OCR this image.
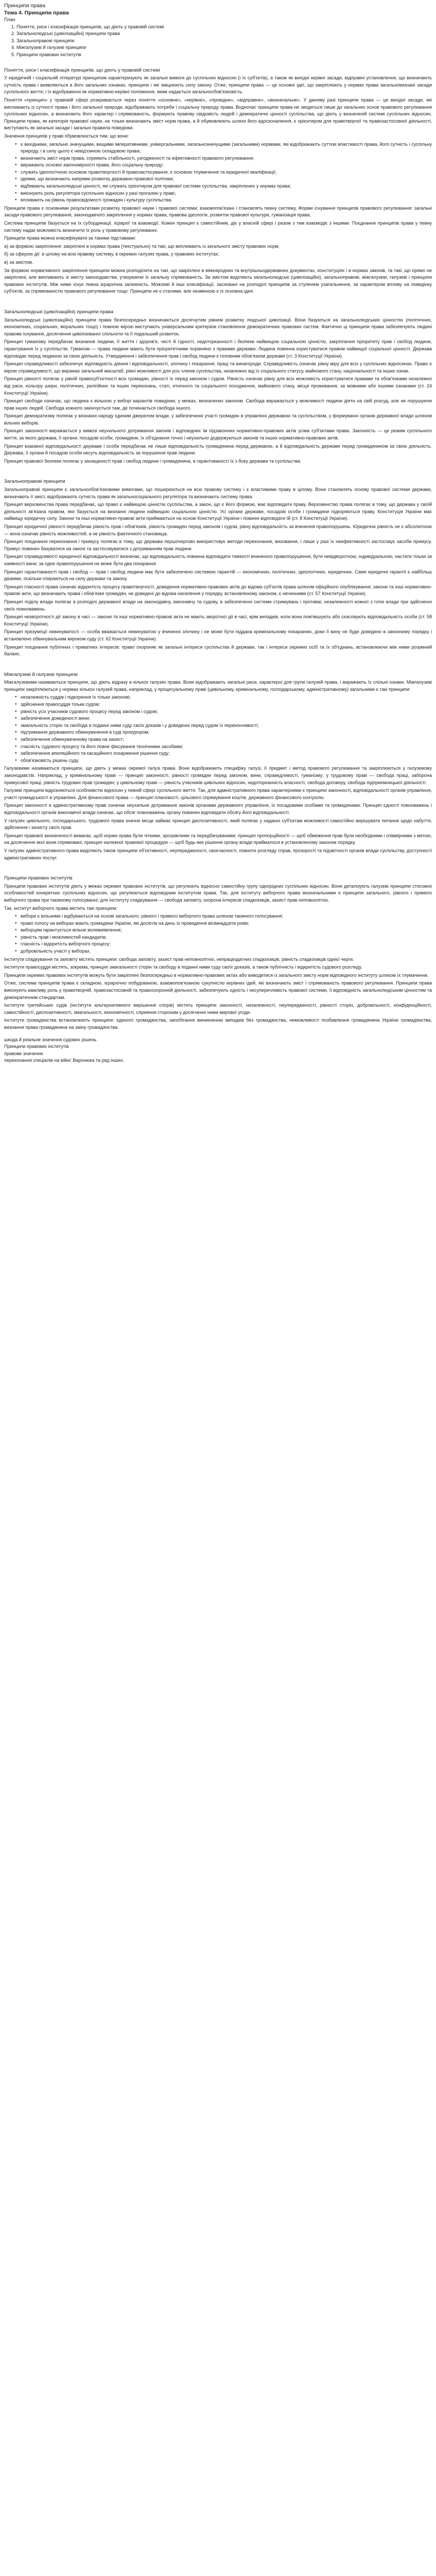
Принципи права
Тема 4. Принципи права
План
1. Поняття, риси і класифікація принципів, що діють у правовій системі
2. Загальнолюдські (цивілізаційні) принципи права
3. Загальноправові принципи
4. Міжгалузеві й галузеві принципи
5. Принципи правових інститутів
Поняття, риси і класифікація принципів, що діють у правовій системі

У юридичній і соціальній літературі принципом характеризують як загальні вимоги до суспільних відносин (і їх суб'єктів), а також як вихідні керівні засади, відправні установлення, що визначають сутність права і виявляються в його загальних ознаках, принципи і які зміцнюють силу закону. Отже, принципи права — це основні ідеї, що закріплюють у нормах права загальновизнані засади суспільного життя, і їх відображенні як нормативно-керівні положення, яким надається загальнообов'язковість.

Поняття «принцип» у правовій сфері розкривається через поняття «основне», «керівне», «провідне», «відправне», «визначальне». У даному разі принципи права — це вихідні засади, які випливають із сутності права і його загальної природи, відображають потреби і соціальну природу права. Водночас принципи права не зводяться лише до загальних основ правового регулювання суспільних відносин, а визначають його характер і спрямованість, формують правову свідомість людей і демократичні цінності суспільства, що діють у визначеній системі суспільних відносин. Принципи права, як категорія правової науки, не тільки визначають зміст норм права, а й обумовлюють шляхи його вдосконалення, є орієнтиром для правотворчої та правозастосовної діяльності, виступають як загальні засади і загальні правила поведінки.

Значення принципів у праві обумовлюється тим, що вони:

● є вихідними, загально значущими, вищими імперативними, універсальними, загальнозначущими (загальними) нормами, які відображають суттєві властивості права, його сутність і суспільну природу, і в силу цього є невід'ємною складовою права;
● визначають зміст норм права, сприяють стабільності, узгодженості та ефективності правового регулювання;
● виражають основні закономірності права, його соціальну природу;
● служать ідеологічною основою правотворчості й правозастосування, є основою тлумачення та юридичної кваліфікації;
● ідеями, що визначають напрями розвитку державно-правової політики;
● відбивають загальнолюдські цінності, які служать орієнтиром для правової системи суспільства, закріплених у нормах права;
● виконують роль регулятора суспільних відносин у разі прогалин у праві;
● впливають на рівень правосвідомості громадян і культуру суспільства.

Принципи права є основними результатами розвитку правової науки і правової системи; взаємопов'язані і становлять певну систему. Форми існування принципів правового регулювання: загальні засади правового регулювання, законодавчого закріплення у нормах права, правова ідеологія, розвиток правової культури, гуманізація права.

Система принципів базується на їх субординації, ієрархії та взаємодії. Кожен принцип є самостійним, діє у власній сфері і разом з тим взаємодіє з іншими. Поєднання принципів права у певну систему надає можливість визначити їх роль у правовому регулюванні.

Принципи права можна класифікувати за такими підставами:

а) за формою закріплення: закріплені в нормах права (текстуально) та такі, що випливають із загального змісту правових норм;

б) за сферою дії: в цілому на всю правову систему, в окремих галузях права, у правових інститутах;

в) за змістом.

За формою нормативного закріплення принципи можна розподілити на такі, що закріплені в міжнародних та внутрішньодержавних документах, конституціях і в нормах законів, та такі, що прямо не закріплені, але випливають зі змісту законодавства, утворюючи їх загальну спрямованість. За змістом виділяють загальнолюдські (цивілізаційні), загальноправові, міжгалузеві, галузеві і принципи правових інститутів. Між ними існує певна ієрархічна залежність. Можливі й інші класифікації, засновані на розподілі принципів за ступенем узагальнення, за характером впливу на поведінку суб'єктів, за спрямованістю правового регулювання тощо. Принципи не є сталими, але незмінною є їх основна ідея.

Загальнолюдські (цивілізаційні) принципи права

Загальнолюдські (цивілізаційні) принципи права безпосередньо визначаються досягнутим рівнем розвитку людської цивілізації. Вони базуються на загальнолюдських цінностях (політичних, економічних, соціальних, моральних тощо) і повною мірою виступають універсальним критерієм становлення демократичних правових систем. Фактично ці принципи права забезпечують людині правове існування, досягнення цивілізованої спільноти та її подальший розвиток.

Принцип гуманізму передбачає визнання людини, її життя і здоров'я, честі й гідності, недоторканності і безпеки найвищою соціальною цінністю, закріплення пріоритету прав і свобод людини, гарантування їх у суспільстві. Гуманізм — права людини мають бути пріоритетними порівняно з правами держави. Людина повинна користуватися правом найвищої соціальної цінності. Держава відповідає перед людиною за свою діяльність. Утвердження і забезпечення прав і свобод людини є головним обов'язком держави (ст. 3 Конституції України).

Принцип справедливості забезпечує відповідність діяння і відповідальності, злочину і покарання, праці та винагороди. Справедливість означає рівну міру для всіх у суспільних відносинах. Право є мірою справедливості, що виражає загальний масштаб, рівні можливості для усіх членів суспільства, незалежно від їх соціального статусу, майнового стану, національності та інших ознак.

Принцип рівності полягає у рівній правосуб'єктності всіх громадян, рівності їх перед законом і судом. Рівність означає рівну для всіх можливість користуватися правами та обов'язками незалежно від раси, кольору шкіри, політичних, релігійних та інших переконань, статі, етнічного та соціального походження, майнового стану, місця проживання, за мовними або іншими ознаками (ст. 24 Конституції України).

Принцип свободи означає, що людина є вільною у виборі варіантів поведінки, у межах, визначених законом. Свобода виражається у можливості людини діяти на свій розсуд, але не порушуючи прав інших людей. Свобода кожного закінчується там, де починається свобода іншого.

Принцип демократизму полягає у визнанні народу єдиним джерелом влади, у забезпеченні участі громадян в управлінні державою та суспільством, у формуванні органів державної влади шляхом вільних виборів.

Принцип законності виражається у вимозі неухильного дотримання законів і відповідних їм підзаконних нормативно-правових актів усіма суб'єктами права. Законність — це режим суспільного життя, за якого держава, її органи, посадові особи, громадяни, їх об'єднання точно і неухильно додержуються законів та інших нормативно-правових актів.

Принцип взаємної відповідальності держави і особи передбачає не лише відповідальність громадянина перед державою, а й відповідальність держави перед громадянином за свою діяльність. Держава, її органи й посадові особи несуть відповідальність за порушення прав людини.

Принцип правової безпеки полягає у захищеності прав і свобод людини і громадянина, в гарантованості їх з боку держави та суспільства.

Загальноправові принципи

Загальноправові принципи є загальнообов'язковими вимогами, що поширюються на всю правову систему і є властивими праву в цілому. Вони становлять основу правової системи держави, визначають її зміст, відображають сутність права як загальносоціального регулятора та визначають систему права.

Принцип верховенства права передбачає, що право є найвищою цінністю суспільства, а закон, що є його формою, має відповідати праву. Верховенство права полягає в тому, що держава у своїй діяльності зв'язана правом, яке базується на визнанні людини найвищою соціальною цінністю. Усі органи держави, посадові особи і громадяни підкоряються праву. Конституція України має найвищу юридичну силу. Закони та інші нормативно-правові акти приймаються на основі Конституції України і повинні відповідати їй (ст. 8 Конституції України).

Принцип юридичної рівності передбачає рівність прав і обов'язків, рівність громадян перед законом і судом, рівну відповідальність за вчинення правопорушень. Юридична рівність не є абсолютною — вона означає рівність можливостей, а не рівність фактичного становища.

Принцип поєднання переконання і примусу полягає в тому, що держава першочергово використовує методи переконання, виховання, і лише у разі їх неефективності застосовує засоби примусу. Примус повинен базуватися на законі та застосовуватися з дотриманням прав людини.

Принцип справедливості юридичної відповідальності визначає, що відповідальність повинна відповідати тяжкості вчиненого правопорушення, бути невідворотною, індивідуальною, настати тільки за наявності вини; за одне правопорушення не може бути два покарання.

Принцип гарантованості прав і свобод — прав і свобод людини має бути забезпечено системою гарантій — економічних, політичних, ідеологічних, юридичних. Саме юридичні гарантії є найбільш дієвими, оскільки спираються на силу держави та закону.

Принцип гласності права означає відкритість процесу правотворчості, доведення нормативно-правових актів до відома суб'єктів права шляхом офіційного опублікування; закони та інші нормативно-правові акти, що визначають права і обов'язки громадян, не доведені до відома населення у порядку, встановленому законом, є нечинними (ст. 57 Конституції України).

Принцип поділу влади полягає в розподілі державної влади на законодавчу, виконавчу та судову, в забезпеченні системи стримувань і противаг, незалежності кожної з гілок влади при здійсненні своїх повноважень.

Принцип незворотності дії закону в часі — закони та інші нормативно-правові акти не мають зворотної дії в часі, крім випадків, коли вони пом'якшують або скасовують відповідальність особи (ст. 58 Конституції України).

Принцип презумпції невинуватості — особа вважається невинуватою у вчиненні злочину і не може бути піддана кримінальному покаранню, доки її вину не буде доведено в законному порядку і встановлено обвинувальним вироком суду (ст. 62 Конституції України).

Принцип поєднання публічних і приватних інтересів: право охороняє як загальні інтереси суспільства й держави, так і інтереси окремих осіб та їх об'єднань, встановлюючи між ними розумний баланс.

Міжгалузеві й галузеві принципи

Міжгалузевими називаються принципи, що діють відразу в кількох галузях права. Вони відображають загальні риси, характерні для групи галузей права, і виражають їх спільні ознаки. Міжгалузеві принципи закріплюються у нормах кількох галузей права, наприклад, у процесуальному праві (цивільному, кримінальному, господарському, адміністративному) загальними є такі принципи:

● незалежність суддів і підкорення їх тільки законові;
● здійснення правосуддя тільки судом;
● рівність усіх учасників судового процесу перед законом і судом;
● забезпечення доведеності вини;
● змагальність сторін та свобода в поданні ними суду своїх доказів і у доведенні перед судом їх переконливості;
● підтримання державного обвинувачення в суді прокурором;
● забезпечення обвинуваченому права на захист;
● гласність судового процесу та його повне фіксування технічними засобами;
● забезпечення апеляційного та касаційного оскарження рішення суду;
● обов'язковість рішень суду.

Галузевими називаються принципи, що діють у межах окремої галузі права. Вони відображають специфіку галузі, її предмет і метод правового регулювання та закріплюються у галузевому законодавстві. Наприклад, у кримінальному праві — принцип законності, рівності громадян перед законом, вини, справедливості, гуманізму; у трудовому праві — свобода праці, заборона примусової праці, рівність трудових прав громадян; у цивільному праві — рівність учасників цивільних відносин, недоторканність власності, свобода договору, свобода підприємницької діяльності.

Галузеві принципи відрізняються особливістю відносин у певній сфері суспільного життя. Так, для адміністративного права характерними є принципи законності, відповідальності органів управління, участі громадськості в управлінні. Для фінансового права — принцип плановості, цільового спрямування коштів, державного фінансового контролю.

Принцип законності в адміністративному праві означає неухильне дотримання законів органами державного управління, їх посадовими особами та громадянами. Принцип єдності повноважень і відповідальності органів виконавчої влади означає, що обсяг повноважень органу повинен відповідати обсягу його відповідальності.

У галузях цивільного, господарського, трудового права значне місце займає принцип диспозитивності, який полягає у наданні суб'єктам можливості самостійно вирішувати питання щодо набуття, здійснення і захисту своїх прав.

Принцип правової визначеності вимагає, щоб норми права були чіткими, зрозумілими та передбачуваними; принцип пропорційності — щоб обмеження прав були необхідними і співмірними з метою, на досягнення якої вони спрямовані; принцип належної правової процедури — щоб будь-яке рішення органу влади приймалося в установленому законом порядку.

У галузях адміністративного права виділяють також принципи об'єктивності, неупередженості, своєчасності, повноти розгляду справ, прозорості та підзвітності органів влади суспільству, доступності адміністративних послуг.

Принципи правових інститутів

Принципи правових інститутів діють у межах окремих правових інститутів, що регулюють відносно самостійну групу однорідних суспільних відносин. Вони деталізують галузеві принципи стосовно особливостей конкретних суспільних відносин, що регулюються відповідним інститутом права. Так, для інституту виборчого права визначальними є принципи загального, рівного і прямого виборчого права при таємному голосуванні; для інституту спадкування — свобода заповіту, охорона інтересів спадкоємців, захист прав неповнолітніх.

Так, інститут виборчого права містить такі принципи:

● вибори є вільними і відбуваються на основі загального, рівного і прямого виборчого права шляхом таємного голосування;
● право голосу на виборах мають громадяни України, які досягли на день їх проведення вісімнадцяти років;
● виборцям гарантується вільне волевиявлення;
● рівність прав і можливостей кандидатів;
● гласність і відкритість виборчого процесу;
● добровільність участі у виборах.

Інститути спадкування та заповіту містять принципи: свобода заповіту, захист прав неповнолітніх, непрацездатних спадкоємців, рівність спадкоємців однієї черги.

Інститути правосуддя містять, зокрема, принцип змагальності сторін та свободу в поданні ними суду своїх доказів, а також публічність і відкритість судового розгляду.

Принципи окремих правових інститутів можуть бути закріплені безпосередньо в нормативно-правових актах або виводитися із загального змісту норм відповідного інституту шляхом їх тлумачення.

Отже, система принципів права є складною, ієрархічно побудованою, взаємопов'язаною сукупністю керівних ідей, які визначають зміст і спрямованість правового регулювання. Принципи права виконують важливу роль у правотворчій, правозастосовній та правоохоронній діяльності, забезпечують єдність і несуперечливість правової системи, її відповідність загальнолюдським цінностям та демократичним стандартам.

Інститути третейських судів (інститути альтернативного вирішення спорів) містять принципи законності, незалежності, неупередженості, рівності сторін, добровільності, конфіденційності, самостійності, диспозитивності, змагальності, економічності, сприяння сторонам у досягненні ними мирової угоди.

Інститути громадянства встановлюють принципи: єдиного громадянства, запобігання виникненню випадків без громадянства, неможливості позбавлення громадянина України громадянства, визнання права громадянина на зміну громадянства.

шкода й реальне значення судових рішень

Принципи правових інститутів

правове значення

переконання спеціалів на війні: Варонюка та ряд інших.
